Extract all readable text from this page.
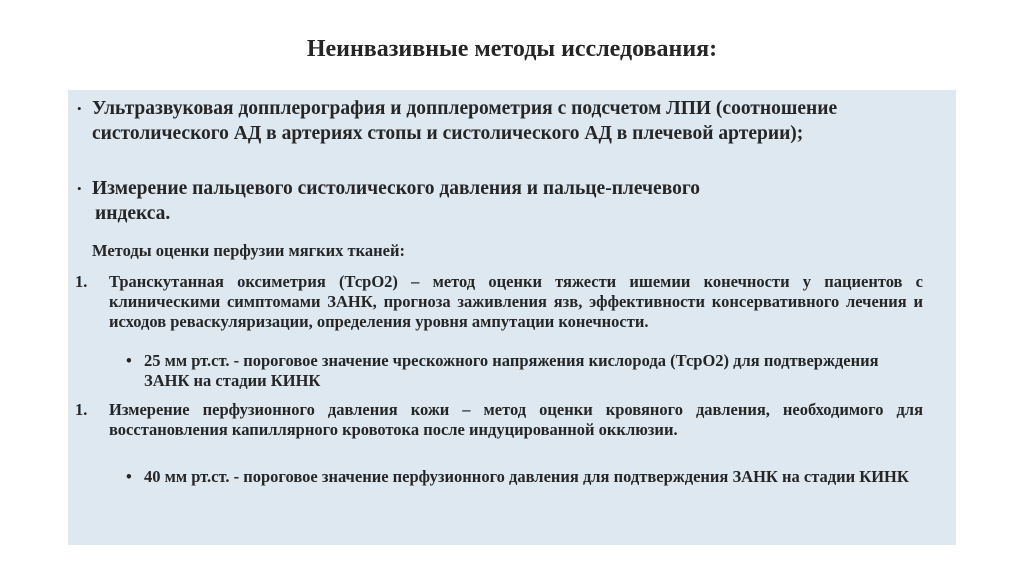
Неинвазивные методы исследования:
• Ультразвуковая допплерография и допплерометрия с подсчетом ЛПИ (соотношение систолического АД в артериях стопы и систолического АД в плечевой артерии);
• Измерение пальцевого систолического давления и пальце-плечевого
индекса.
Методы оценки перфузии мягких тканей:
1. Транскутанная оксиметрия (ТсрО2) – метод оценки тяжести ишемии конечности у пациентов с клиническими симптомами ЗАНК, прогноза заживления язв, эффективности консервативного лечения и исходов реваскуляризации, определения уровня ампутации конечности.
• 25 мм рт.ст. - пороговое значение чрескожного напряжения кислорода (ТсрО2) для подтверждения ЗАНК на стадии КИНК
1. Измерение перфузионного давления кожи – метод оценки кровяного давления, необходимого для восстановления капиллярного кровотока после индуцированной окклюзии.
• 40 мм рт.ст. - пороговое значение перфузионного давления для подтверждения ЗАНК на стадии КИНК
